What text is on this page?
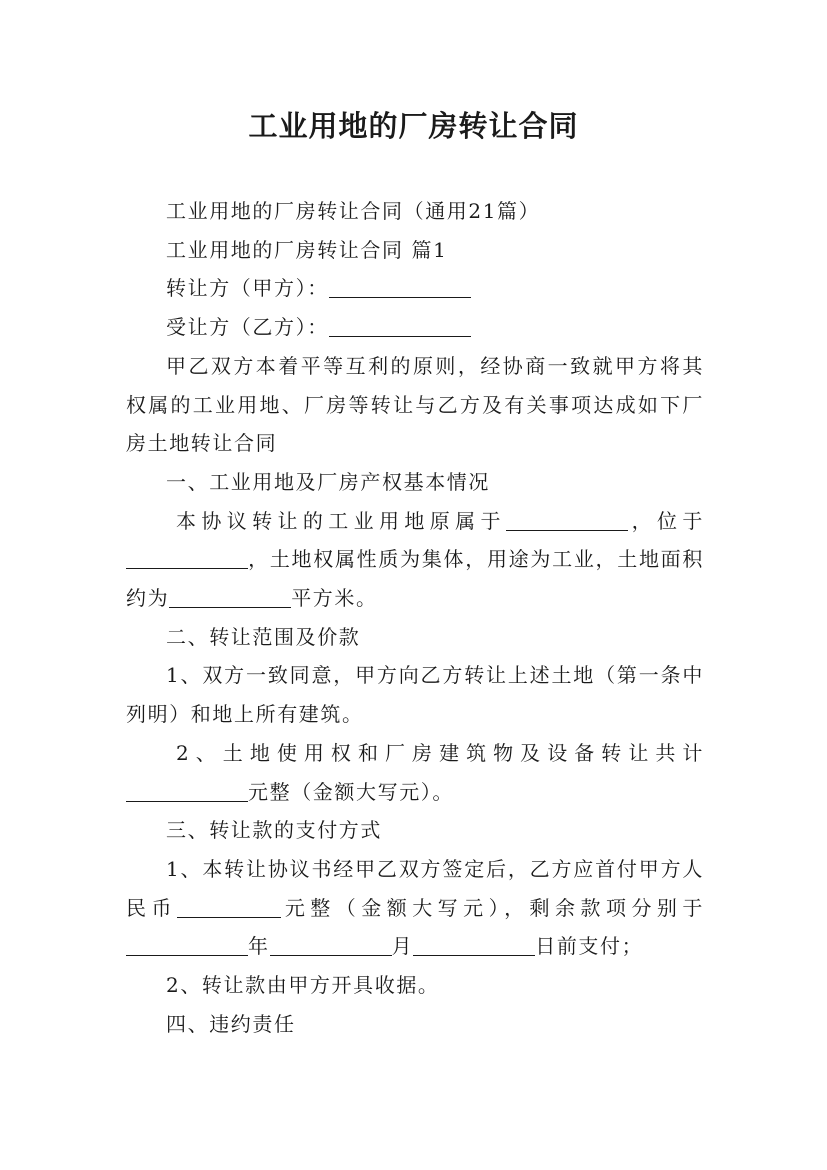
工业用地的厂房转让合同

工业用地的厂房转让合同（通用21篇）

工业用地的厂房转让合同 篇1

转让方（甲方）：

受让方（乙方）：

甲乙双方本着平等互利的原则，经协商一致就甲方将其权属的工业用地、厂房等转让与乙方及有关事项达成如下厂房土地转让合同

一、工业用地及厂房产权基本情况

本协议转让的工业用地原属于	，位于，土地权属性质为集体，用途为工业，土地面积约为	平方米。

二、转让范围及价款

1、双方一致同意，甲方向乙方转让上述土地（第一条中列明）和地上所有建筑。

2、土地使用权和厂房建筑物及设备转让共计元整（金额大写元）。

三、转让款的支付方式

1、本转让协议书经甲乙双方签定后，乙方应首付甲方人民币	元整（金额大写元），剩余款项分别于年	月	日前支付；

2、转让款由甲方开具收据。

四、违约责任
